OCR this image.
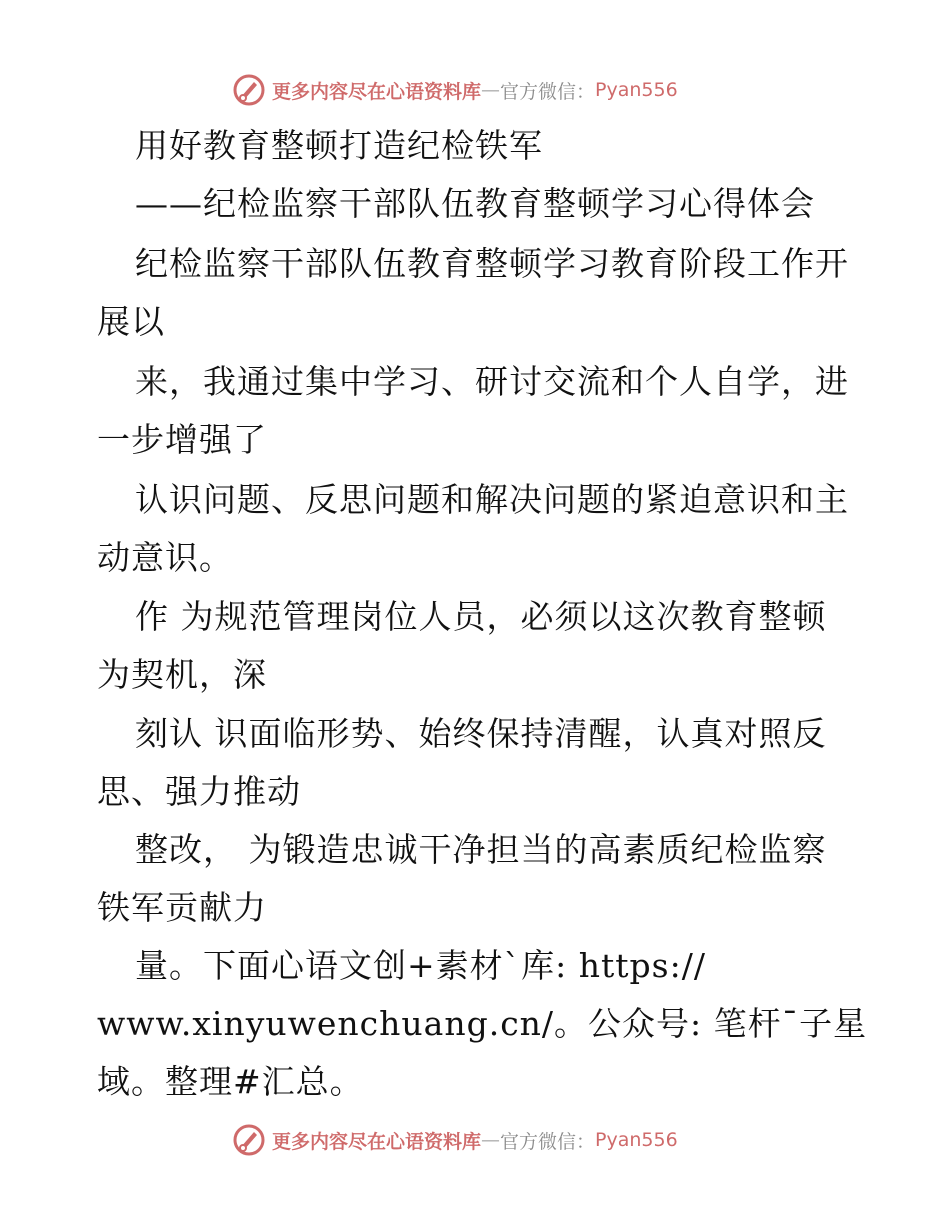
更多内容尽在心语资料库 — 官方微信： Pyan556
用好教育整顿打造纪检铁军
——纪检监察干部队伍教育整顿学习心得体会
纪检监察干部队伍教育整顿学习教育阶段工作开
展以
来，我通过集中学习、研讨交流和个人自学，进
一步增强了
认识问题、反思问题和解决问题的紧迫意识和主
动意识。
作 为规范管理岗位人员，必须以这次教育整顿
为契机，深
刻认 识面临形势、始终保持清醒，认真对照反
思、强力推动
整改， 为锻造忠诚干净担当的高素质纪检监察
铁军贡献力
量。下面心语文创+素材`库: https://
www.xinyuwenchuang.cn/。公众号: 笔杆¯子星
域。整理#汇总。
更多内容尽在心语资料库 — 官方微信： Pyan556
